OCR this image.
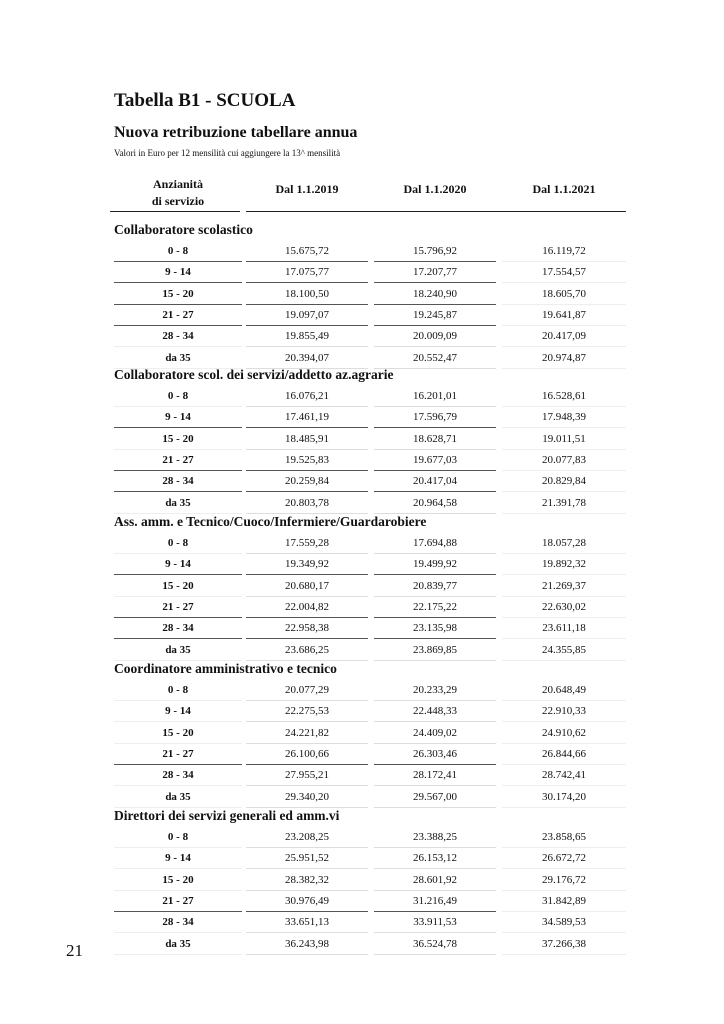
Tabella B1 - SCUOLA
Nuova retribuzione tabellare annua
Valori in Euro per 12 mensilità cui aggiungere la 13^ mensilità
Anzianità
di servizio
Dal 1.1.2019	Dal 1.1.2020	Dal 1.1.2021
Collaboratore scolastico
0 - 8	15.675,72	15.796,92	16.119,72
9 - 14	17.075,77	17.207,77	17.554,57
15 - 20	18.100,50	18.240,90	18.605,70
21 - 27	19.097,07	19.245,87	19.641,87
28 - 34	19.855,49	20.009,09	20.417,09
da 35	20.394,07	20.552,47	20.974,87
Collaboratore scol. dei servizi/addetto az.agrarie
0 - 8	16.076,21	16.201,01	16.528,61
9 - 14	17.461,19	17.596,79	17.948,39
15 - 20	18.485,91	18.628,71	19.011,51
21 - 27	19.525,83	19.677,03	20.077,83
28 - 34	20.259,84	20.417,04	20.829,84
da 35	20.803,78	20.964,58	21.391,78
Ass. amm. e Tecnico/Cuoco/Infermiere/Guardarobiere
0 - 8	17.559,28	17.694,88	18.057,28
9 - 14	19.349,92	19.499,92	19.892,32
15 - 20	20.680,17	20.839,77	21.269,37
21 - 27	22.004,82	22.175,22	22.630,02
28 - 34	22.958,38	23.135,98	23.611,18
da 35	23.686,25	23.869,85	24.355,85
Coordinatore amministrativo e tecnico
0 - 8	20.077,29	20.233,29	20.648,49
9 - 14	22.275,53	22.448,33	22.910,33
15 - 20	24.221,82	24.409,02	24.910,62
21 - 27	26.100,66	26.303,46	26.844,66
28 - 34	27.955,21	28.172,41	28.742,41
da 35	29.340,20	29.567,00	30.174,20
Direttori dei servizi generali ed amm.vi
0 - 8	23.208,25	23.388,25	23.858,65
9 - 14	25.951,52	26.153,12	26.672,72
15 - 20	28.382,32	28.601,92	29.176,72
21 - 27	30.976,49	31.216,49	31.842,89
28 - 34	33.651,13	33.911,53	34.589,53
da 35	36.243,98	36.524,78	37.266,38
21
